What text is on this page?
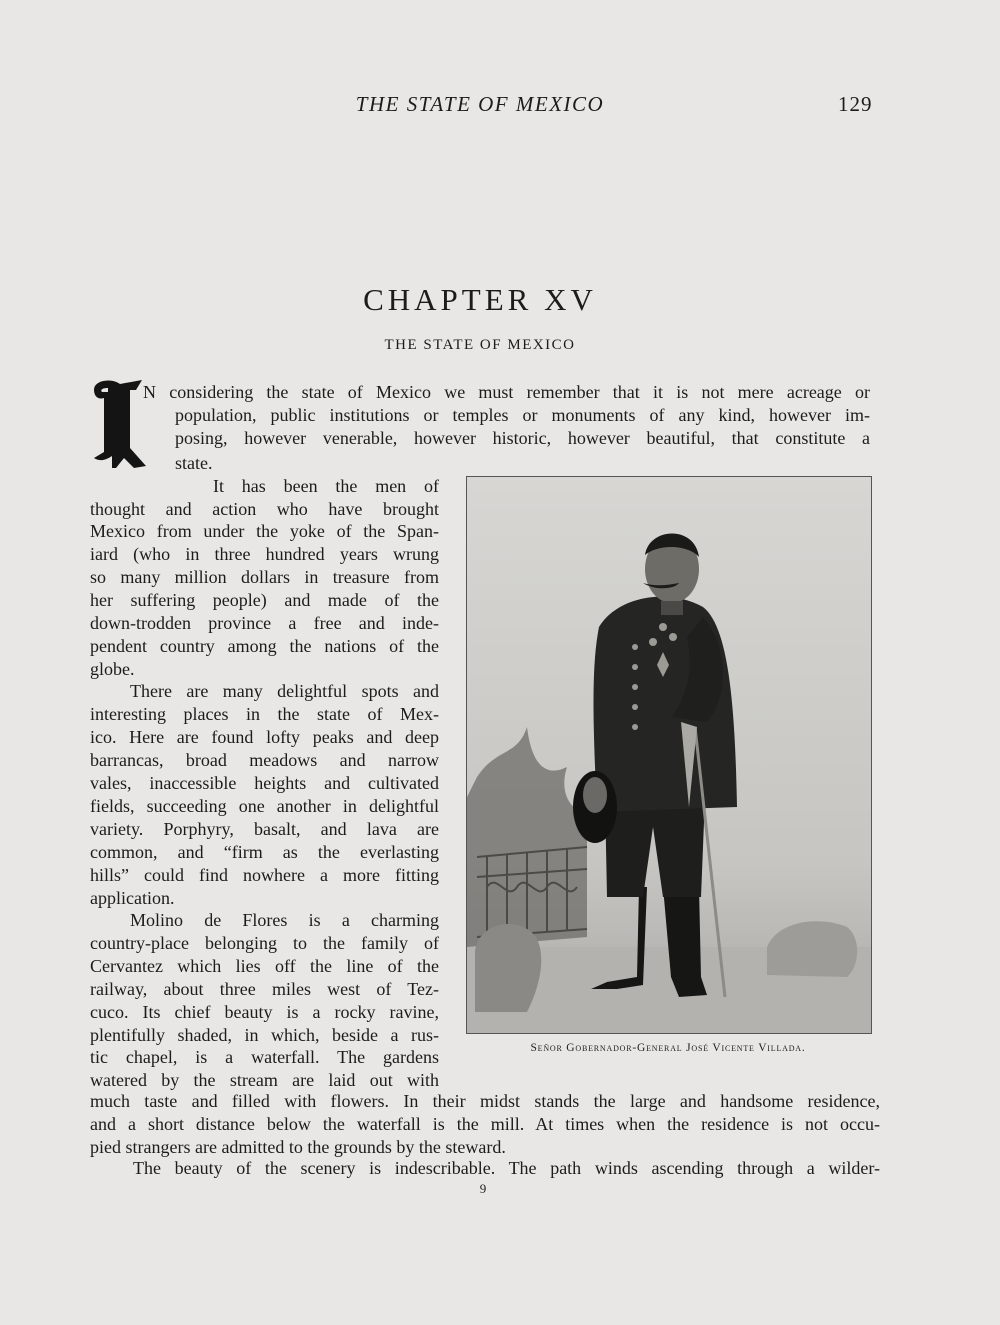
THE STATE OF MEXICO	129
CHAPTER XV
THE STATE OF MEXICO
N considering the state of Mexico we must remember that it is not mere acreage or
population, public institutions or temples or monuments of any kind, however im-
posing, however venerable, however historic, however beautiful, that constitute a
state.
It has been the men of
thought and action who have brought
Mexico from under the yoke of the Span-
iard (who in three hundred years wrung
so many million dollars in treasure from
her suffering people) and made of the
down-trodden province a free and inde-
pendent country among the nations of the
globe.
There are many delightful spots and
interesting places in the state of Mex-
ico. Here are found lofty peaks and deep
barrancas, broad meadows and narrow
vales, inaccessible heights and cultivated
fields, succeeding one another in delightful
variety. Porphyry, basalt, and lava are
common, and “firm as the everlasting
hills” could find nowhere a more fitting
application.
Molino de Flores is a charming
country-place belonging to the family of
Cervantez which lies off the line of the
railway, about three miles west of Tez-
cuco. Its chief beauty is a rocky ravine,
plentifully shaded, in which, beside a rus-
tic chapel, is a waterfall. The gardens
watered by the stream are laid out with
much taste and filled with flowers. In their midst stands the large and handsome residence,
and a short distance below the waterfall is the mill. At times when the residence is not occu-
pied strangers are admitted to the grounds by the steward.
The beauty of the scenery is indescribable. The path winds ascending through a wilder-
Señor Gobernador-General José Vicente Villada.
9
